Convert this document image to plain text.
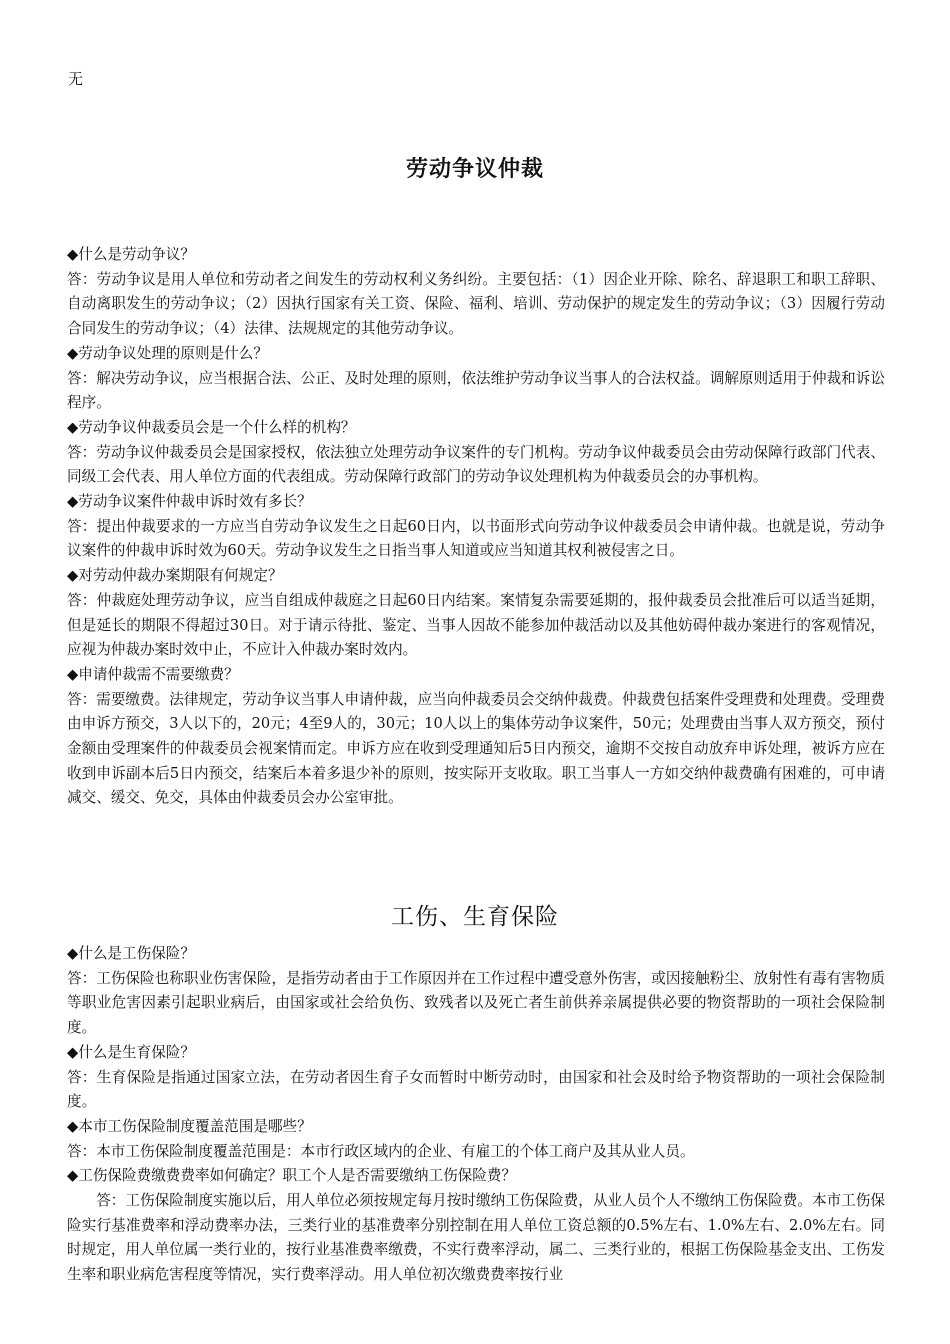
无
劳动争议仲裁

◆什么是劳动争议？

答：劳动争议是用人单位和劳动者之间发生的劳动权利义务纠纷。主要包括：（1）因企业开除、除名、辞退职工和职工辞职、自动离职发生的劳动争议；（2）因执行国家有关工资、保险、福利、培训、劳动保护的规定发生的劳动争议；（3）因履行劳动合同发生的劳动争议；（4）法律、法规规定的其他劳动争议。

◆劳动争议处理的原则是什么？

答：解决劳动争议，应当根据合法、公正、及时处理的原则，依法维护劳动争议当事人的合法权益。调解原则适用于仲裁和诉讼程序。

◆劳动争议仲裁委员会是一个什么样的机构？

答：劳动争议仲裁委员会是国家授权，依法独立处理劳动争议案件的专门机构。劳动争议仲裁委员会由劳动保障行政部门代表、同级工会代表、用人单位方面的代表组成。劳动保障行政部门的劳动争议处理机构为仲裁委员会的办事机构。

◆劳动争议案件仲裁申诉时效有多长？

答：提出仲裁要求的一方应当自劳动争议发生之日起60日内，以书面形式向劳动争议仲裁委员会申请仲裁。也就是说，劳动争议案件的仲裁申诉时效为60天。劳动争议发生之日指当事人知道或应当知道其权利被侵害之日。

◆对劳动仲裁办案期限有何规定？

答：仲裁庭处理劳动争议，应当自组成仲裁庭之日起60日内结案。案情复杂需要延期的，报仲裁委员会批准后可以适当延期，但是延长的期限不得超过30日。对于请示待批、鉴定、当事人因故不能参加仲裁活动以及其他妨碍仲裁办案进行的客观情况，应视为仲裁办案时效中止，不应计入仲裁办案时效内。

◆申请仲裁需不需要缴费？

答：需要缴费。法律规定，劳动争议当事人申请仲裁，应当向仲裁委员会交纳仲裁费。仲裁费包括案件受理费和处理费。受理费由申诉方预交，3人以下的，20元；4至9人的，30元；10人以上的集体劳动争议案件，50元；处理费由当事人双方预交，预付金额由受理案件的仲裁委员会视案情而定。申诉方应在收到受理通知后5日内预交，逾期不交按自动放弃申诉处理，被诉方应在收到申诉副本后5日内预交，结案后本着多退少补的原则，按实际开支收取。职工当事人一方如交纳仲裁费确有困难的，可申请减交、缓交、免交，具体由仲裁委员会办公室审批。

工伤、生育保险

◆什么是工伤保险？

答：工伤保险也称职业伤害保险，是指劳动者由于工作原因并在工作过程中遭受意外伤害，或因接触粉尘、放射性有毒有害物质等职业危害因素引起职业病后，由国家或社会给负伤、致残者以及死亡者生前供养亲属提供必要的物资帮助的一项社会保险制度。

◆什么是生育保险？

答：生育保险是指通过国家立法，在劳动者因生育子女而暂时中断劳动时，由国家和社会及时给予物资帮助的一项社会保险制度。

◆本市工伤保险制度覆盖范围是哪些？

答：本市工伤保险制度覆盖范围是：本市行政区域内的企业、有雇工的个体工商户及其从业人员。

◆工伤保险费缴费费率如何确定？职工个人是否需要缴纳工伤保险费？

答：工伤保险制度实施以后，用人单位必须按规定每月按时缴纳工伤保险费，从业人员个人不缴纳工伤保险费。本市工伤保险实行基准费率和浮动费率办法，三类行业的基准费率分别控制在用人单位工资总额的0.5%左右、1.0%左右、2.0%左右。同时规定，用人单位属一类行业的，按行业基准费率缴费，不实行费率浮动，属二、三类行业的，根据工伤保险基金支出、工伤发生率和职业病危害程度等情况，实行费率浮动。用人单位初次缴费费率按行业
